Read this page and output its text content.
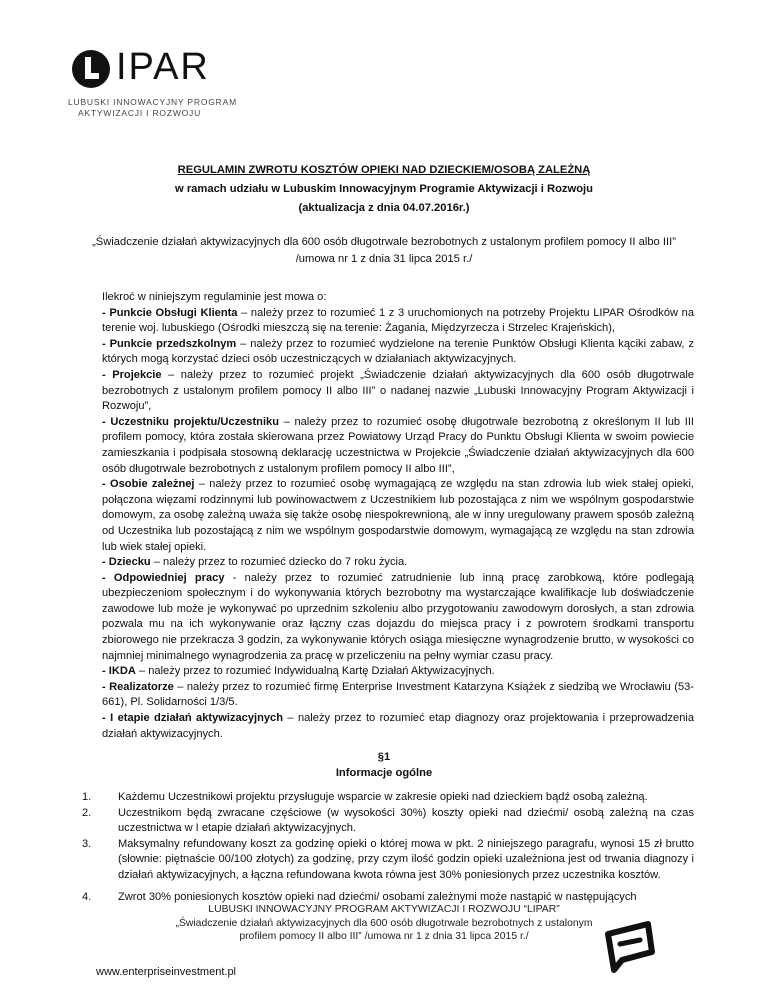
IPAR
LUBUSKI INNOWACYJNY PROGRAM
AKTYWIZACJI I ROZWOJU
REGULAMIN ZWROTU KOSZTÓW OPIEKI NAD DZIECKIEM/OSOBĄ ZALEŻNĄ
w ramach udziału w Lubuskim Innowacyjnym Programie Aktywizacji i Rozwoju
(aktualizacja z dnia 04.07.2016r.)
„Świadczenie działań aktywizacyjnych dla 600 osób długotrwale bezrobotnych z ustalonym profilem pomocy II albo III”
/umowa nr 1 z dnia 31 lipca 2015 r./

Ilekroć w niniejszym regulaminie jest mowa o:

- Punkcie Obsługi Klienta – należy przez to rozumieć 1 z 3 uruchomionych na potrzeby Projektu LIPAR Ośrodków na terenie woj. lubuskiego (Ośrodki mieszczą się na terenie: Żagania, Międzyrzecza i Strzelec Krajeńskich),

- Punkcie przedszkolnym – należy przez to rozumieć wydzielone na terenie Punktów Obsługi Klienta kąciki zabaw, z których mogą korzystać dzieci osób uczestniczących w działaniach aktywizacyjnych.

- Projekcie – należy przez to rozumieć projekt „Świadczenie działań aktywizacyjnych dla 600 osób długotrwale bezrobotnych z ustalonym profilem pomocy II albo III” o nadanej nazwie „Lubuski Innowacyjny Program Aktywizacji i Rozwoju”,

- Uczestniku projektu/Uczestniku – należy przez to rozumieć osobę długotrwale bezrobotną z określonym II lub III profilem pomocy, która została skierowana przez Powiatowy Urząd Pracy do Punktu Obsługi Klienta w swoim powiecie zamieszkania i podpisała stosowną deklarację uczestnictwa w Projekcie „Świadczenie działań aktywizacyjnych dla 600 osób długotrwale bezrobotnych z ustalonym profilem pomocy II albo III”,

- Osobie zależnej – należy przez to rozumieć osobę wymagającą ze względu na stan zdrowia lub wiek stałej opieki, połączona więzami rodzinnymi lub powinowactwem z Uczestnikiem lub pozostająca z nim we wspólnym gospodarstwie domowym, za osobę zależną uważa się także osobę niespokrewnioną, ale w inny uregulowany prawem sposób zależną od Uczestnika lub pozostającą z nim we wspólnym gospodarstwie domowym, wymagającą ze względu na stan zdrowia lub wiek stałej opieki.

- Dziecku – należy przez to rozumieć dziecko do 7 roku życia.

- Odpowiedniej pracy - należy przez to rozumieć zatrudnienie lub inną pracę zarobkową, które podlegają ubezpieczeniom społecznym i do wykonywania których bezrobotny ma wystarczające kwalifikacje lub doświadczenie zawodowe lub może je wykonywać po uprzednim szkoleniu albo przygotowaniu zawodowym dorosłych, a stan zdrowia pozwala mu na ich wykonywanie oraz łączny czas dojazdu do miejsca pracy i z powrotem środkami transportu zbiorowego nie przekracza 3 godzin, za wykonywanie których osiąga miesięczne wynagrodzenie brutto, w wysokości co najmniej minimalnego wynagrodzenia za pracę w przeliczeniu na pełny wymiar czasu pracy.

- IKDA – należy przez to rozumieć Indywidualną Kartę Działań Aktywizacyjnych.

- Realizatorze – należy przez to rozumieć firmę Enterprise Investment Katarzyna Książek z siedzibą we Wrocławiu (53-661), Pl. Solidarności 1/3/5.

- I etapie działań aktywizacyjnych – należy przez to rozumieć etap diagnozy oraz projektowania i przeprowadzenia działań aktywizacyjnych.

§1
Informacje ogólne
1. Każdemu Uczestnikowi projektu przysługuje wsparcie w zakresie opieki nad dzieckiem bądź osobą zależną.
2. Uczestnikom będą zwracane częściowe (w wysokości 30%) koszty opieki nad dziećmi/ osobą zależną na czas uczestnictwa w I etapie działań aktywizacyjnych.
3. Maksymalny refundowany koszt za godzinę opieki o której mowa w pkt. 2 niniejszego paragrafu, wynosi 15 zł brutto (słownie: piętnaście 00/100 złotych) za godzinę, przy czym ilość godzin opieki uzależniona jest od trwania diagnozy i działań aktywizacyjnych, a łączna refundowana kwota równa jest 30% poniesionych przez uczestnika kosztów.
4. Zwrot 30% poniesionych kosztów opieki nad dziećmi/ osobami zależnymi może nastąpić w następujących
LUBUSKI INNOWACYJNY PROGRAM AKTYWIZACJI I ROZWOJU “LIPAR”
„Świadczenie działań aktywizacyjnych dla 600 osób długotrwale bezrobotnych z ustalonym
profilem pomocy II albo III” /umowa nr 1 z dnia 31 lipca 2015 r./
www.enterpriseinvestment.pl
